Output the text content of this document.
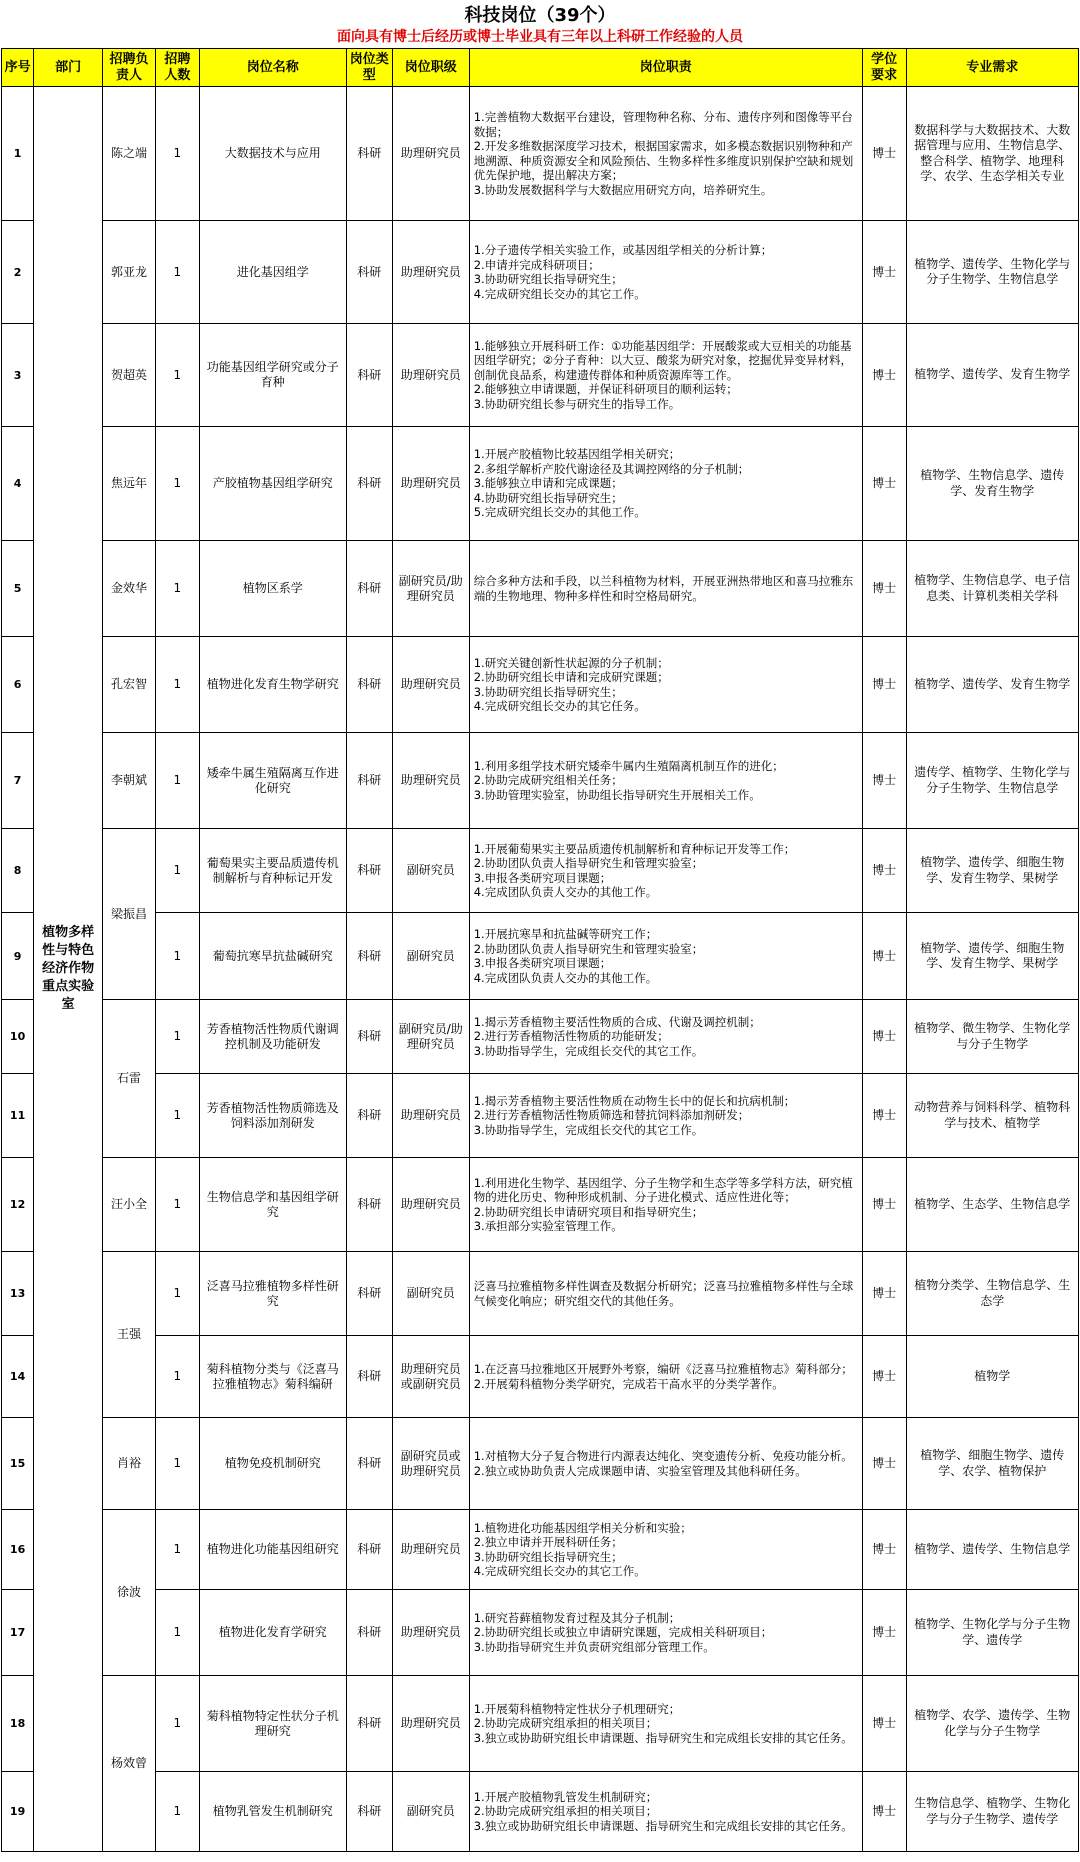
科技岗位（39个）
面向具有博士后经历或博士毕业具有三年以上科研工作经验的人员
序号	部门	招聘负责人	招聘人数	岗位名称	岗位类型	岗位职级	岗位职责	学位要求	专业需求
1	植物多样性与特色经济作物重点实验室	陈之端	1	大数据技术与应用	科研	助理研究员	1.完善植物大数据平台建设，管理物种名称、分布、遗传序列和图像等平台数据；
2.开发多维数据深度学习技术，根据国家需求，如多模态数据识别物种和产地溯源、种质资源安全和风险预估、生物多样性多维度识别保护空缺和规划优先保护地，提出解决方案；
3.协助发展数据科学与大数据应用研究方向，培养研究生。	博士	数据科学与大数据技术、大数据管理与应用、生物信息学、整合科学、植物学、地理科学、农学、生态学相关专业
2		郭亚龙	1	进化基因组学	科研	助理研究员	1.分子遗传学相关实验工作，或基因组学相关的分析计算；
2.申请并完成科研项目；
3.协助研究组长指导研究生；
4.完成研究组长交办的其它工作。	博士	植物学、遗传学、生物化学与分子生物学、生物信息学
3		贺超英	1	功能基因组学研究或分子育种	科研	助理研究员	1.能够独立开展科研工作：①功能基因组学：开展酸浆或大豆相关的功能基因组学研究；②分子育种：以大豆、酸浆为研究对象，挖掘优异变异材料，创制优良品系，构建遗传群体和种质资源库等工作。
2.能够独立申请课题，并保证科研项目的顺利运转；
3.协助研究组长参与研究生的指导工作。	博士	植物学、遗传学、发育生物学
4		焦远年	1	产胶植物基因组学研究	科研	助理研究员	1.开展产胶植物比较基因组学相关研究；
2.多组学解析产胶代谢途径及其调控网络的分子机制；
3.能够独立申请和完成课题；
4.协助研究组长指导研究生；
5.完成研究组长交办的其他工作。	博士	植物学、生物信息学、遗传学、发育生物学
5		金效华	1	植物区系学	科研	副研究员/助理研究员	综合多种方法和手段，以兰科植物为材料，开展亚洲热带地区和喜马拉雅东端的生物地理、物种多样性和时空格局研究。	博士	植物学、生物信息学、电子信息类、计算机类相关学科
6		孔宏智	1	植物进化发育生物学研究	科研	助理研究员	1.研究关键创新性状起源的分子机制；
2.协助研究组长申请和完成研究课题；
3.协助研究组长指导研究生；
4.完成研究组长交办的其它任务。	博士	植物学、遗传学、发育生物学
7		李朝斌	1	矮牵牛属生殖隔离互作进化研究	科研	助理研究员	1.利用多组学技术研究矮牵牛属内生殖隔离机制互作的进化；
2.协助完成研究组相关任务；
3.协助管理实验室，协助组长指导研究生开展相关工作。	博士	遗传学、植物学、生物化学与分子生物学、生物信息学
8		梁振昌	1	葡萄果实主要品质遗传机制解析与育种标记开发	科研	副研究员	1.开展葡萄果实主要品质遗传机制解析和育种标记开发等工作；
2.协助团队负责人指导研究生和管理实验室；
3.申报各类研究项目课题；
4.完成团队负责人交办的其他工作。	博士	植物学、遗传学、细胞生物学、发育生物学、果树学
9			1	葡萄抗寒旱抗盐碱研究	科研	副研究员	1.开展抗寒旱和抗盐碱等研究工作；
2.协助团队负责人指导研究生和管理实验室；
3.申报各类研究项目课题；
4.完成团队负责人交办的其他工作。	博士	植物学、遗传学、细胞生物学、发育生物学、果树学
10		石雷	1	芳香植物活性物质代谢调控机制及功能研发	科研	副研究员/助理研究员	1.揭示芳香植物主要活性物质的合成、代谢及调控机制；
2.进行芳香植物活性物质的功能研发；
3.协助指导学生，完成组长交代的其它工作。	博士	植物学、微生物学、生物化学与分子生物学
11			1	芳香植物活性物质筛选及饲料添加剂研发	科研	助理研究员	1.揭示芳香植物主要活性物质在动物生长中的促长和抗病机制；
2.进行芳香植物活性物质筛选和替抗饲料添加剂研发；
3.协助指导学生，完成组长交代的其它工作。	博士	动物营养与饲料科学、植物科学与技术、植物学
12		汪小全	1	生物信息学和基因组学研究	科研	助理研究员	1.利用进化生物学、基因组学、分子生物学和生态学等多学科方法，研究植物的进化历史、物种形成机制、分子进化模式、适应性进化等；
2.协助研究组长申请研究项目和指导研究生；
3.承担部分实验室管理工作。	博士	植物学、生态学、生物信息学
13		王强	1	泛喜马拉雅植物多样性研究	科研	副研究员	泛喜马拉雅植物多样性调查及数据分析研究；泛喜马拉雅植物多样性与全球气候变化响应；研究组交代的其他任务。	博士	植物分类学、生物信息学、生态学
14			1	菊科植物分类与《泛喜马拉雅植物志》菊科编研	科研	助理研究员或副研究员	1.在泛喜马拉雅地区开展野外考察，编研《泛喜马拉雅植物志》菊科部分；
2.开展菊科植物分类学研究，完成若干高水平的分类学著作。	博士	植物学
15		肖裕	1	植物免疫机制研究	科研	副研究员或助理研究员	1.对植物大分子复合物进行内源表达纯化、突变遗传分析、免疫功能分析。
2.独立或协助负责人完成课题申请、实验室管理及其他科研任务。	博士	植物学、细胞生物学、遗传学、农学、植物保护
16		徐波	1	植物进化功能基因组研究	科研	助理研究员	1.植物进化功能基因组学相关分析和实验；
2.独立申请并开展科研任务；
3.协助研究组长指导研究生；
4.完成研究组长交办的其它工作。	博士	植物学、遗传学、生物信息学
17			1	植物进化发育学研究	科研	助理研究员	1.研究苔藓植物发育过程及其分子机制；
2.协助研究组长或独立申请研究课题，完成相关科研项目；
3.协助指导研究生并负责研究组部分管理工作。	博士	植物学、生物化学与分子生物学、遗传学
18		杨效曾	1	菊科植物特定性状分子机理研究	科研	助理研究员	1.开展菊科植物特定性状分子机理研究；
2.协助完成研究组承担的相关项目；
3.独立或协助研究组长申请课题、指导研究生和完成组长安排的其它任务。	博士	植物学、农学、遗传学、生物化学与分子生物学
19			1	植物乳管发生机制研究	科研	副研究员	1.开展产胶植物乳管发生机制研究；
2.协助完成研究组承担的相关项目；
3.独立或协助研究组长申请课题、指导研究生和完成组长安排的其它任务。	博士	生物信息学、植物学、生物化学与分子生物学、遗传学
